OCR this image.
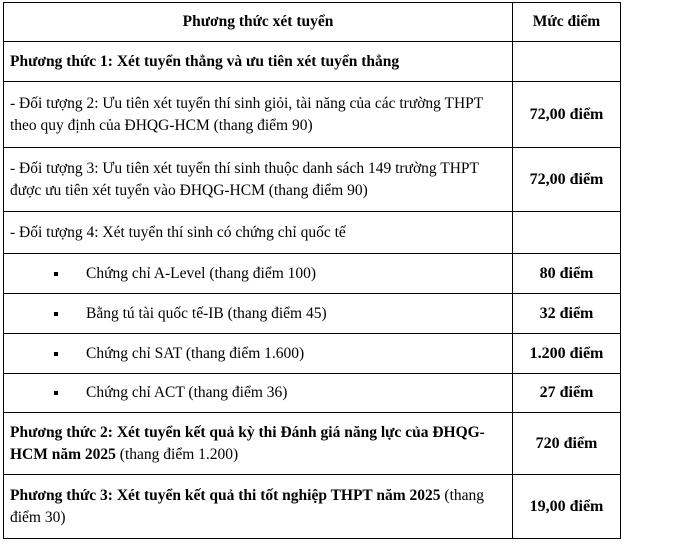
Phương thức xét tuyển	Mức điểm
Phương thức 1: Xét tuyển thẳng và ưu tiên xét tuyển thẳng	
- Đối tượng 2: Ưu tiên xét tuyển thí sinh giỏi, tài năng của các trường THPT theo quy định của ĐHQG-HCM (thang điểm 90)	72,00 điểm
- Đối tượng 3: Ưu tiên xét tuyển thí sinh thuộc danh sách 149 trường THPT được ưu tiên xét tuyển vào ĐHQG-HCM (thang điểm 90)	72,00 điểm
- Đối tượng 4: Xét tuyển thí sinh có chứng chỉ quốc tế	

Chứng chỉ A-Level (thang điểm 100)	80 điểm

Bằng tú tài quốc tế-IB (thang điểm 45)	32 điểm

Chứng chỉ SAT (thang điểm 1.600)	1.200 điểm

Chứng chỉ ACT (thang điểm 36)	27 điểm
Phương thức 2: Xét tuyển kết quả kỳ thi Đánh giá năng lực của ĐHQG-HCM năm 2025 (thang điểm 1.200)	720 điểm
Phương thức 3: Xét tuyển kết quả thi tốt nghiệp THPT năm 2025 (thang điểm 30)	19,00 điểm
